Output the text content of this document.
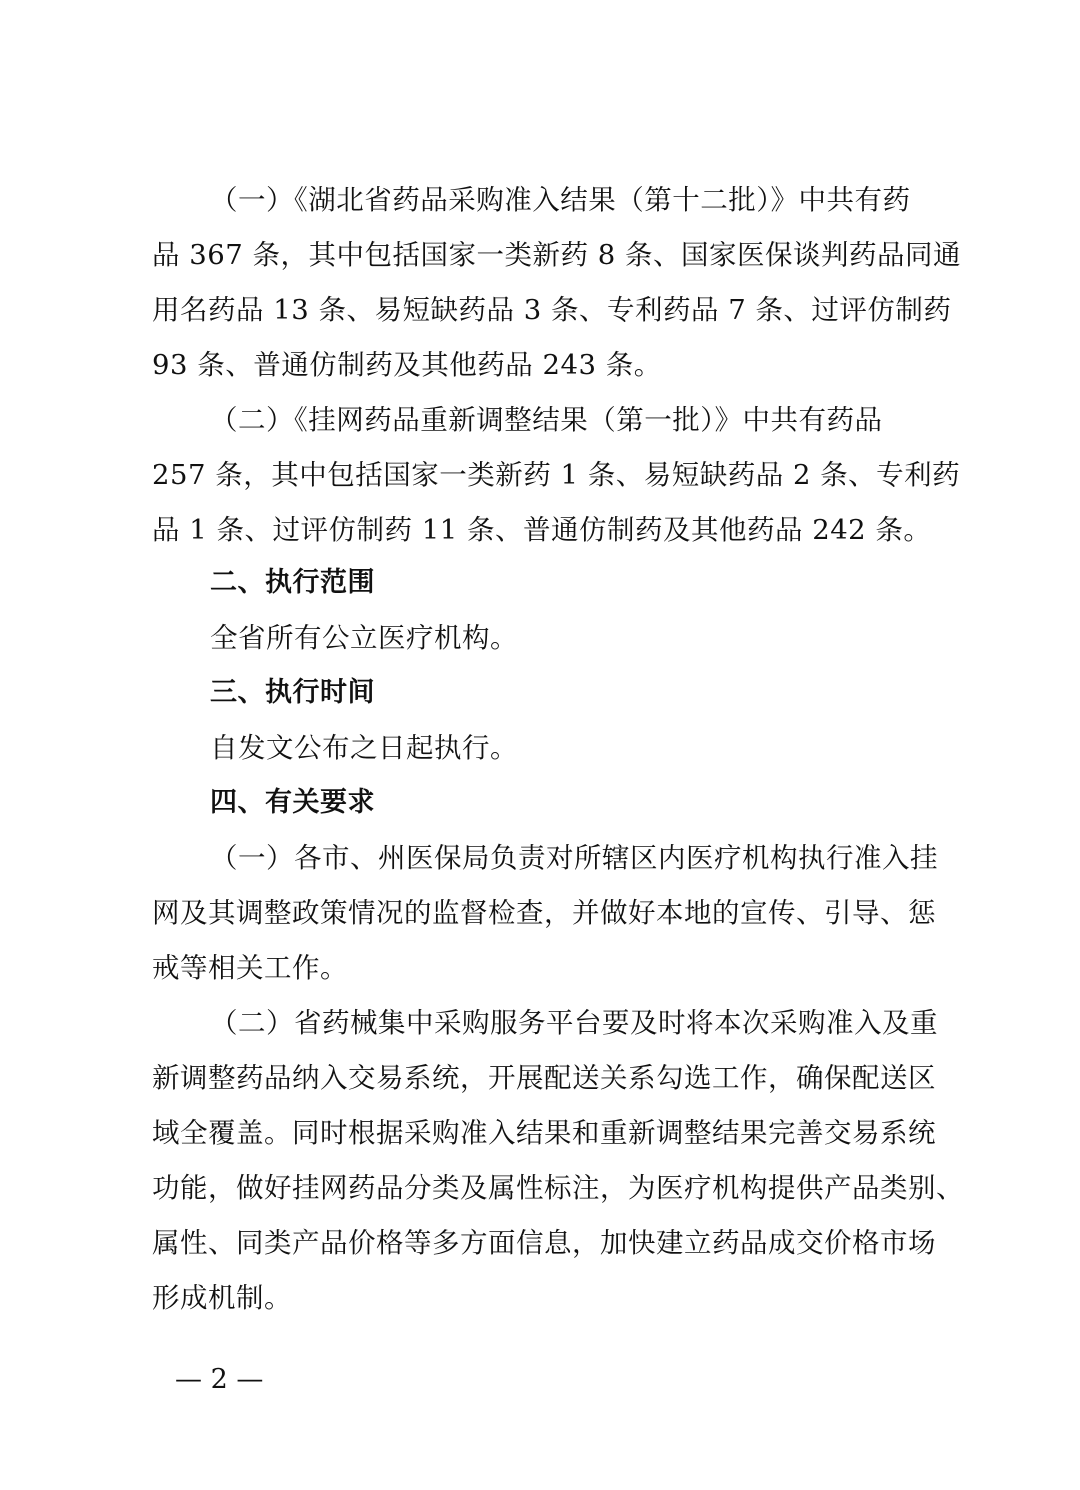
（一）《湖北省药品采购准入结果（第十二批）》中共有药
品 367 条，其中包括国家一类新药 8 条、国家医保谈判药品同通
用名药品 13 条、易短缺药品 3 条、专利药品 7 条、过评仿制药
93 条、普通仿制药及其他药品 243 条。
（二）《挂网药品重新调整结果（第一批）》中共有药品
257 条，其中包括国家一类新药 1 条、易短缺药品 2 条、专利药
品 1 条、过评仿制药 11 条、普通仿制药及其他药品 242 条。
二、执行范围
全省所有公立医疗机构。
三、执行时间
自发文公布之日起执行。
四、有关要求
（一）各市、州医保局负责对所辖区内医疗机构执行准入挂
网及其调整政策情况的监督检查，并做好本地的宣传、引导、惩
戒等相关工作。
（二）省药械集中采购服务平台要及时将本次采购准入及重
新调整药品纳入交易系统，开展配送关系勾选工作，确保配送区
域全覆盖。同时根据采购准入结果和重新调整结果完善交易系统
功能，做好挂网药品分类及属性标注，为医疗机构提供产品类别、
属性、同类产品价格等多方面信息，加快建立药品成交价格市场
形成机制。
— 2 —
